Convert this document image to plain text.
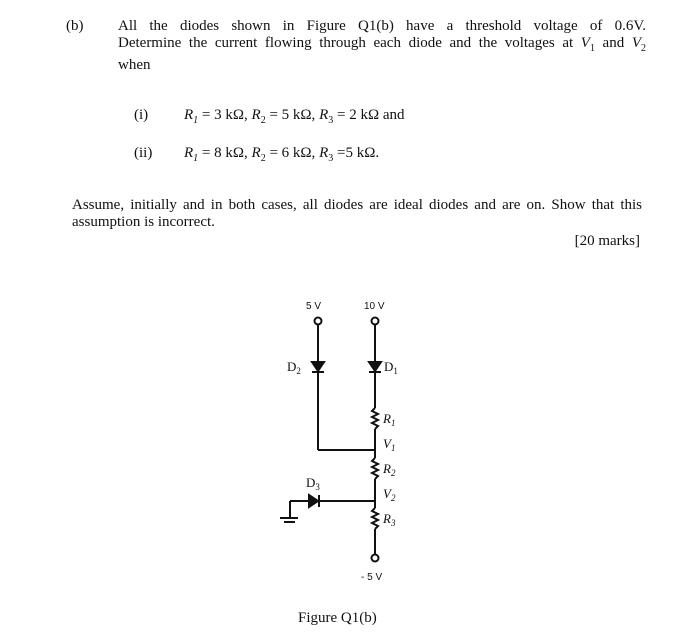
(b) All the diodes shown in Figure Q1(b) have a threshold voltage of 0.6V.
Determine the current flowing through each diode and the voltages at $V_1$ and $V_2$
when
(i) $R_1 = 3$ kΩ, $R_2 = 5$ kΩ, $R_3 = 2$ kΩ and
(ii) $R_1 = 8$ kΩ, $R_2 = 6$ kΩ, $R_3 =5$ kΩ.
Assume, initially and in both cases, all diodes are ideal diodes and are on. Show that this assumption is incorrect.
[20 marks]
5 V	10 V
- 5 V
$D_2$	$D_1$
$D_3$
$R_1$
$V_1$
$R_2$
$V_2$
$R_3$
Figure Q1(b)
